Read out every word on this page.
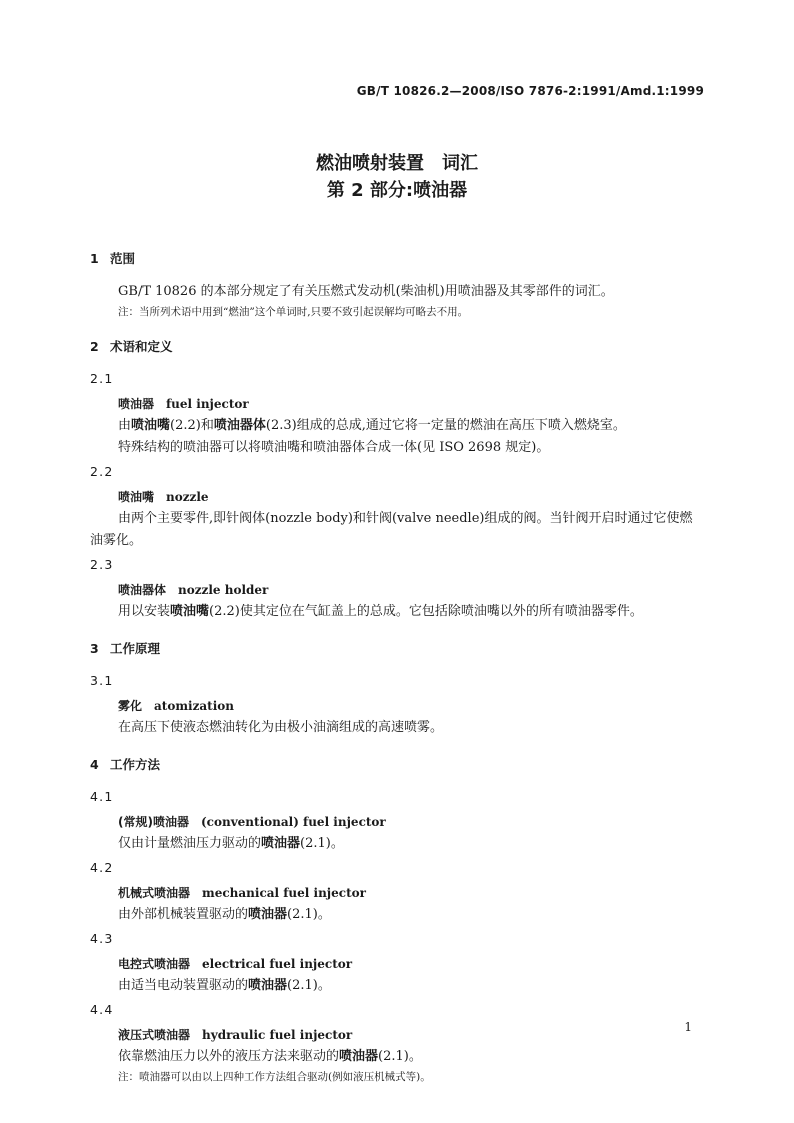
GB/T 10826.2—2008/ISO 7876-2:1991/Amd.1:1999
燃油喷射装置　词汇
第 2 部分:喷油器
1 范围

GB/T 10826 的本部分规定了有关压燃式发动机(柴油机)用喷油器及其零部件的词汇。

注：当所列术语中用到“燃油”这个单词时,只要不致引起误解均可略去不用。

2 术语和定义
2.1
喷油器 fuel injector

由喷油嘴(2.2)和喷油器体(2.3)组成的总成,通过它将一定量的燃油在高压下喷入燃烧室。

特殊结构的喷油器可以将喷油嘴和喷油器体合成一体(见 ISO 2698 规定)。

2.2
喷油嘴 nozzle

由两个主要零件,即针阀体(nozzle body)和针阀(valve needle)组成的阀。当针阀开启时通过它使燃油雾化。

2.3
喷油器体 nozzle holder

用以安装喷油嘴(2.2)使其定位在气缸盖上的总成。它包括除喷油嘴以外的所有喷油器零件。

3 工作原理
3.1
雾化 atomization

在高压下使液态燃油转化为由极小油滴组成的高速喷雾。

4 工作方法
4.1
(常规)喷油器 (conventional) fuel injector

仅由计量燃油压力驱动的喷油器(2.1)。

4.2
机械式喷油器 mechanical fuel injector

由外部机械装置驱动的喷油器(2.1)。

4.3
电控式喷油器 electrical fuel injector

由适当电动装置驱动的喷油器(2.1)。

4.4
液压式喷油器 hydraulic fuel injector

依靠燃油压力以外的液压方法来驱动的喷油器(2.1)。

注：喷油器可以由以上四种工作方法组合驱动(例如液压机械式等)。

1
